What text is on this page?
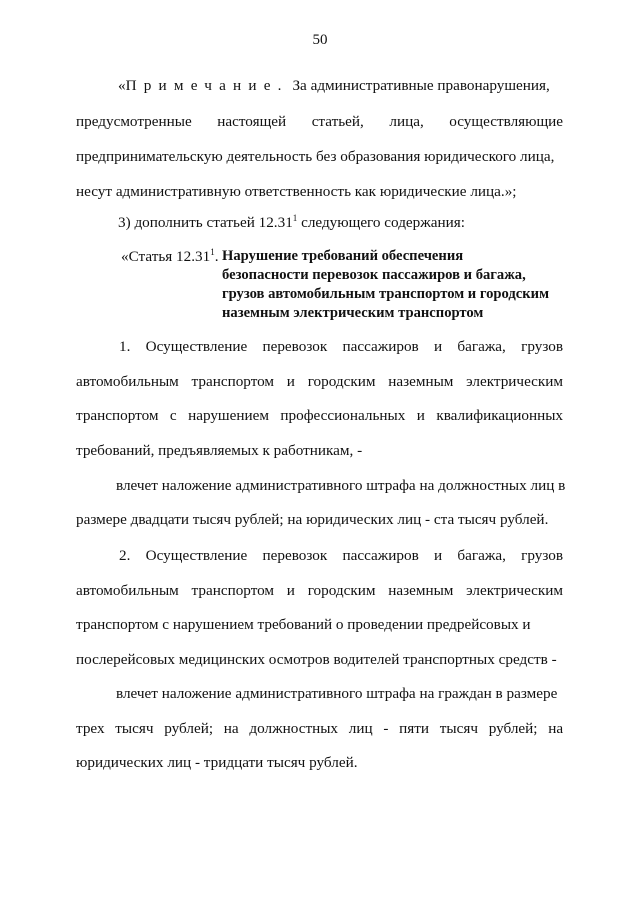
50
«Примечание. За административные правонарушения,
предусмотренные настоящей статьей, лица, осуществляющие
предпринимательскую деятельность без образования юридического лица,
несут административную ответственность как юридические лица.»;
3) дополнить статьей 12.31$^1$ следующего содержания:
«Статья 12.31$^1$. Нарушение требований обеспечения
безопасности перевозок пассажиров и багажа,
грузов автомобильным транспортом и городским
наземным электрическим транспортом
1. Осуществление перевозок пассажиров и багажа, грузов
автомобильным транспортом и городским наземным электрическим
транспортом с нарушением профессиональных и квалификационных
требований, предъявляемых к работникам, -
влечет наложение административного штрафа на должностных лиц в
размере двадцати тысяч рублей; на юридических лиц - ста тысяч рублей.
2. Осуществление перевозок пассажиров и багажа, грузов
автомобильным транспортом и городским наземным электрическим
транспортом с нарушением требований о проведении предрейсовых и
послерейсовых медицинских осмотров водителей транспортных средств -
влечет наложение административного штрафа на граждан в размере
трех тысяч рублей; на должностных лиц - пяти тысяч рублей; на
юридических лиц - тридцати тысяч рублей.
